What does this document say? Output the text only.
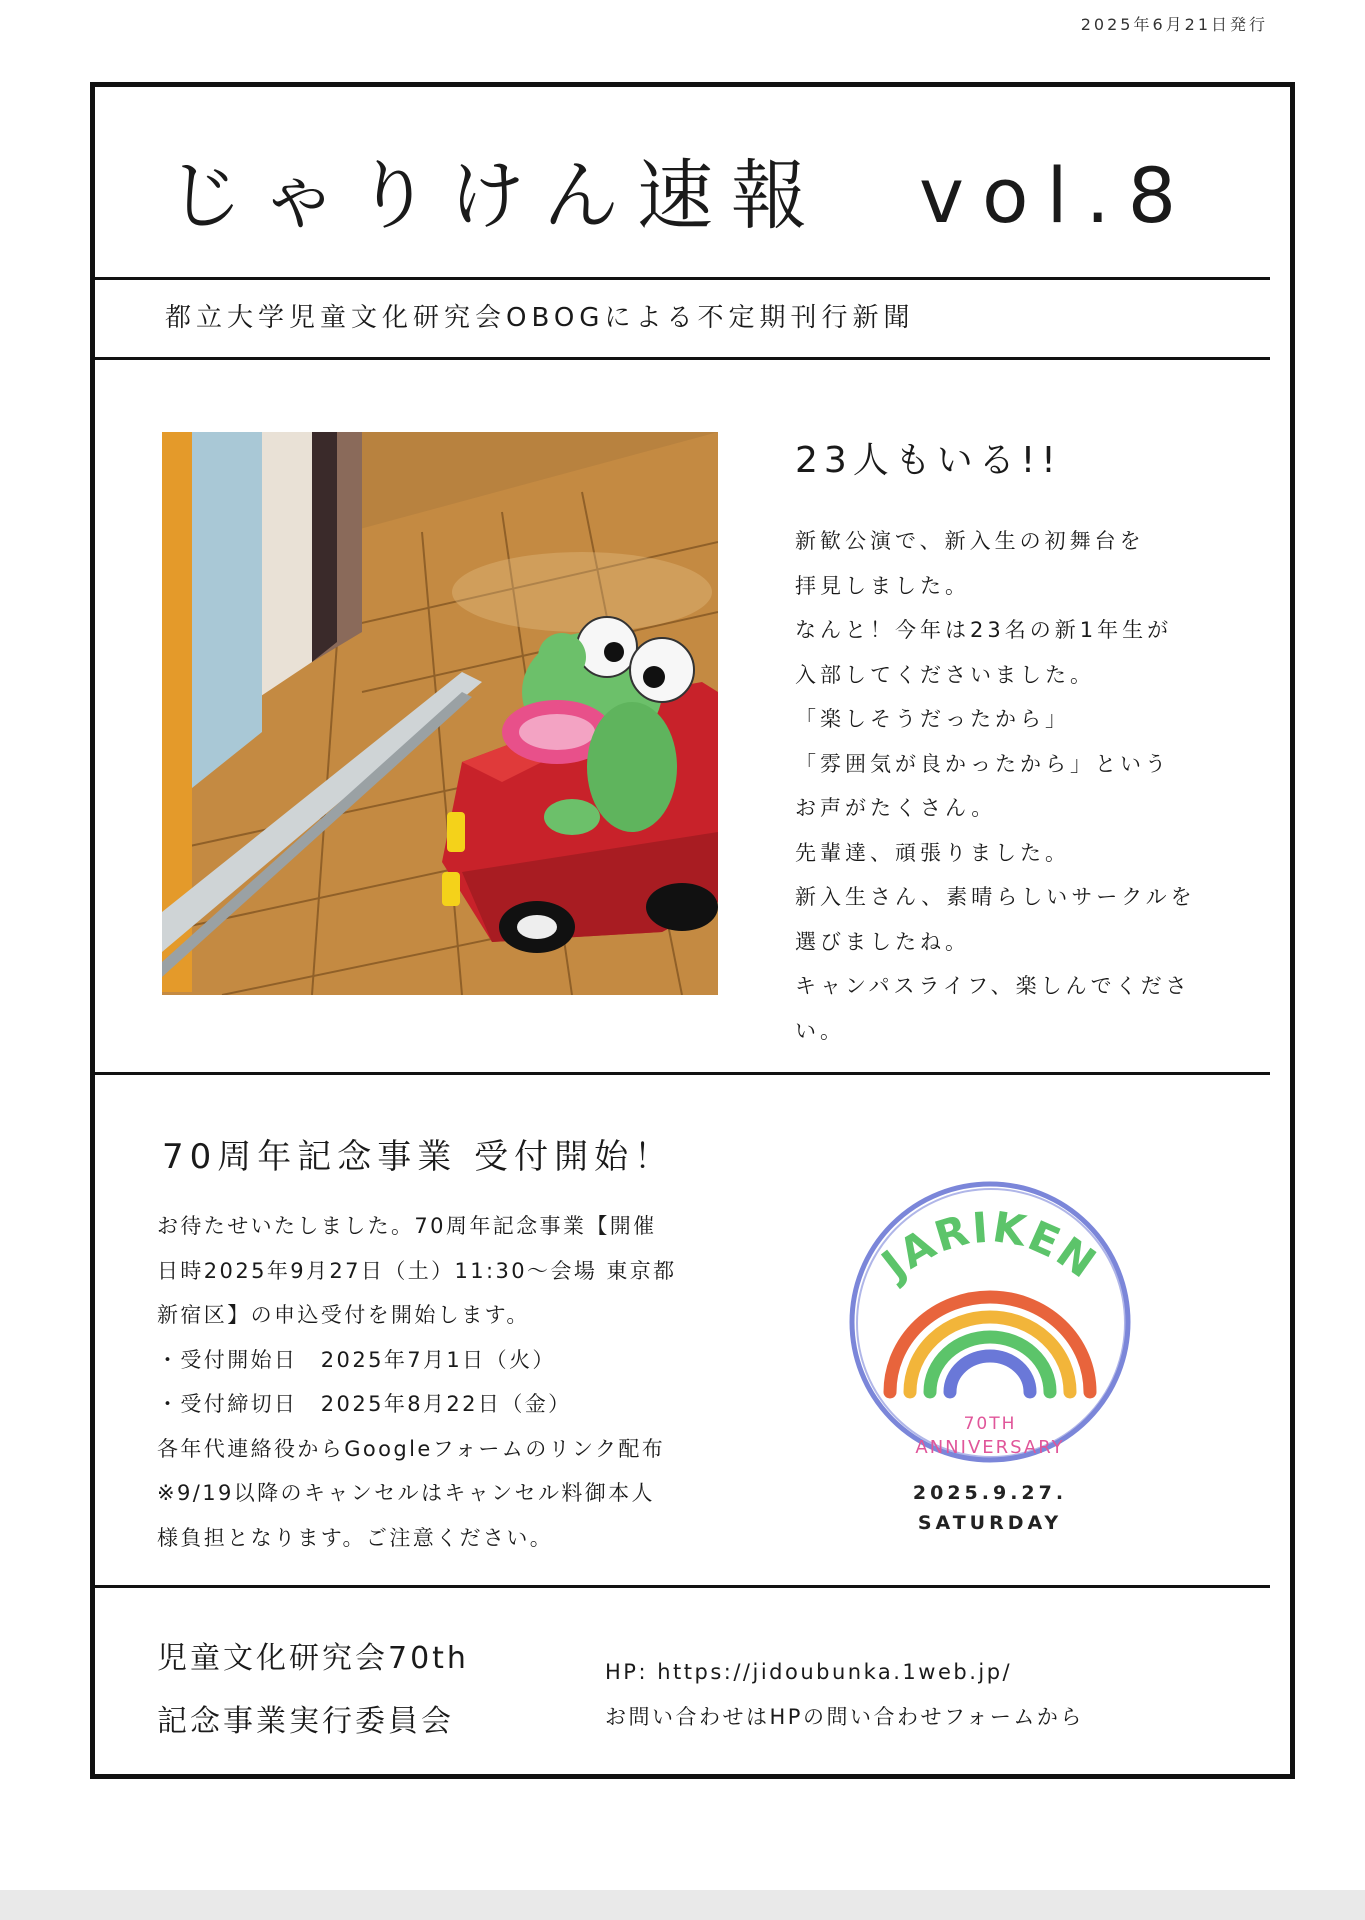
2025年6月21日発行
じゃりけん速報　vol.8
都立大学児童文化研究会OBOGによる不定期刊行新聞
23人もいる!!
新歓公演で、新入生の初舞台を
拝見しました。
なんと！今年は23名の新1年生が
入部してくださいました。
「楽しそうだったから」
「雰囲気が良かったから」という
お声がたくさん。
先輩達、頑張りました。
新入生さん、素晴らしいサークルを
選びましたね。
キャンパスライフ、楽しんでくださ
い。
70周年記念事業 受付開始！
お待たせいたしました。70周年記念事業【開催
日時2025年9月27日（土）11:30〜会場 東京都
新宿区】の申込受付を開始します。
・受付開始日　2025年7月1日（火）
・受付締切日　2025年8月22日（金）
各年代連絡役からGoogleフォームのリンク配布
※9/19以降のキャンセルはキャンセル料御本人
様負担となります。ご注意ください。
JARIKEN
70TH
ANNIVERSARY
2025.9.27.
SATURDAY
児童文化研究会70th
記念事業実行委員会
HP: https://jidoubunka.1web.jp/
お問い合わせはHPの問い合わせフォームから
